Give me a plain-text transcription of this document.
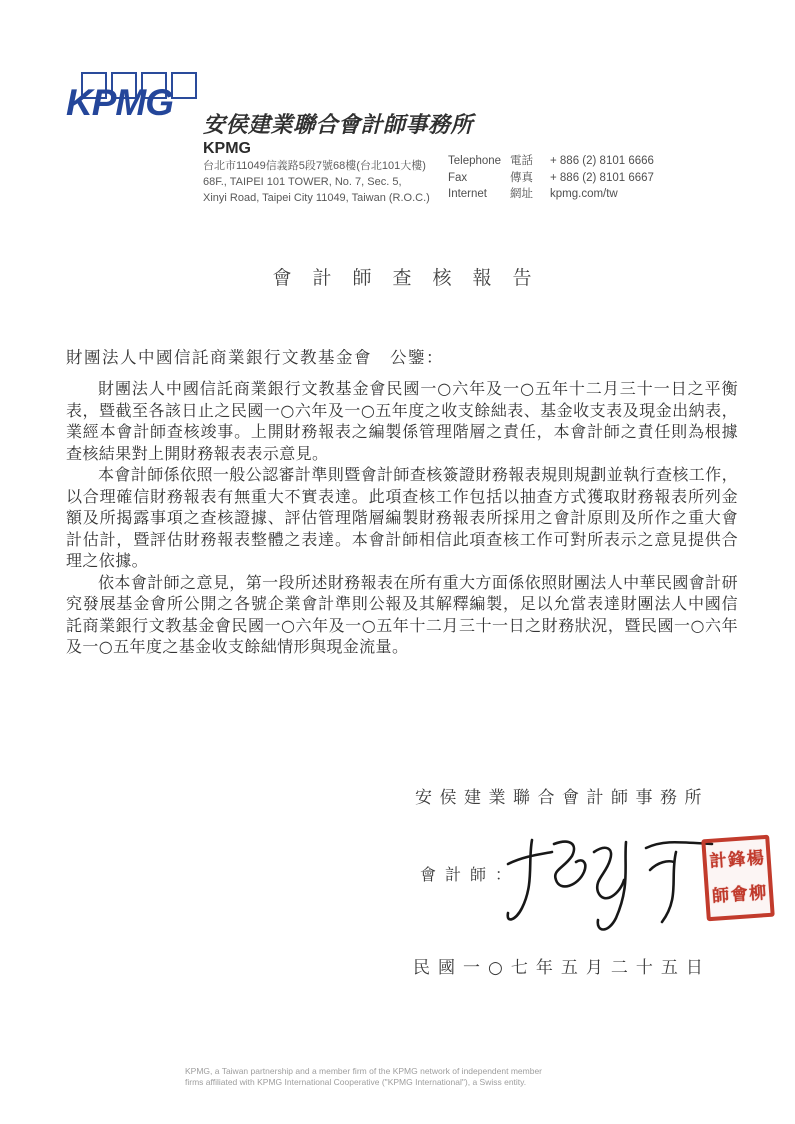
KPMG
安侯建業聯合會計師事務所
KPMG
台北市11049信義路5段7號68樓(台北101大樓)
68F., TAIPEI 101 TOWER, No. 7, Sec. 5,
Xinyi Road, Taipei City 11049, Taiwan (R.O.C.)
Telephone 電話	+ 886 (2) 8101 6666
Fax	傳真	+ 886 (2) 8101 6667
Internet	網址	kpmg.com/tw
會計師查核報告
財團法人中國信託商業銀行文教基金會　公鑒：

財團法人中國信託商業銀行文教基金會民國一○六年及一○五年十二月三十一日之平衡表，暨截至各該日止之民國一○六年及一○五年度之收支餘絀表、基金收支表及現金出納表，業經本會計師查核竣事。上開財務報表之編製係管理階層之責任，本會計師之責任則為根據查核結果對上開財務報表表示意見。

本會計師係依照一般公認審計準則暨會計師查核簽證財務報表規則規劃並執行查核工作，以合理確信財務報表有無重大不實表達。此項查核工作包括以抽查方式獲取財務報表所列金額及所揭露事項之查核證據、評估管理階層編製財務報表所採用之會計原則及所作之重大會計估計，暨評估財務報表整體之表達。本會計師相信此項查核工作可對所表示之意見提供合理之依據。

依本會計師之意見，第一段所述財務報表在所有重大方面係依照財團法人中華民國會計研究發展基金會所公開之各號企業會計準則公報及其解釋編製，足以允當表達財團法人中國信託商業銀行文教基金會民國一○六年及一○五年十二月三十一日之財務狀況，暨民國一○六年及一○五年度之基金收支餘絀情形與現金流量。

安侯建業聯合會計師事務所
會計師：
楊
柳
鋒
會
計
師
民國一○七年五月二十五日
KPMG, a Taiwan partnership and a member firm of the KPMG network of independent member
firms affiliated with KPMG International Cooperative ("KPMG International"), a Swiss entity.
